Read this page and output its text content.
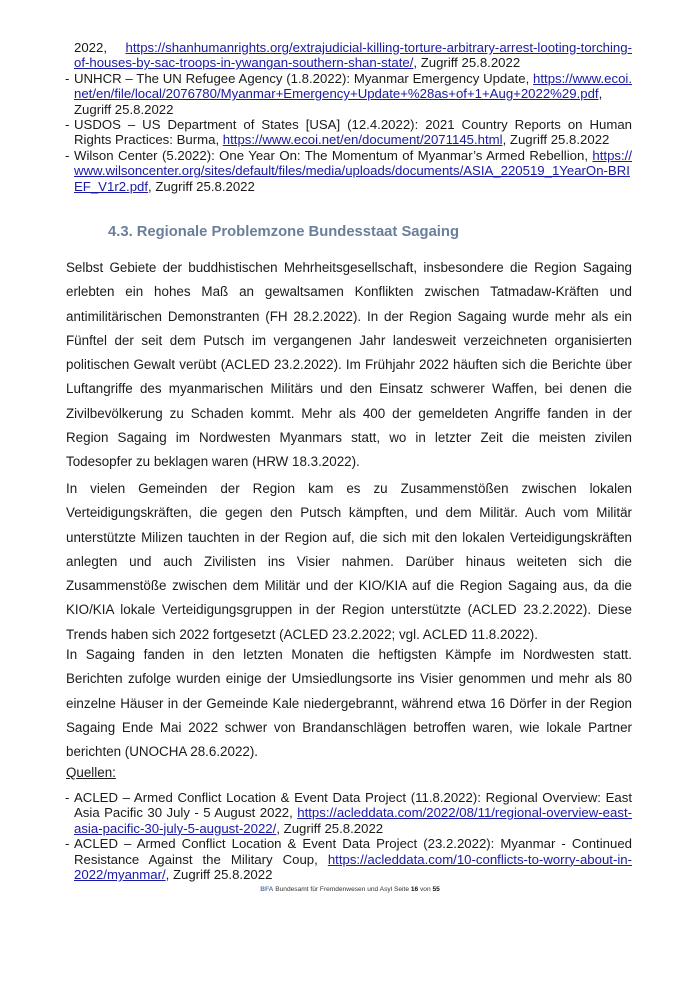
2022, https://shanhumanrights.org/extrajudicial-killing-torture-arbitrary-arrest-looting-torching-of-houses-by-sac-troops-in-ywangan-southern-shan-state/, Zugriff 25.8.2022
- UNHCR – The UN Refugee Agency (1.8.2022): Myanmar Emergency Update, https://www.ecoi.net/en/file/local/2076780/Myanmar+Emergency+Update+%28as+of+1+Aug+2022%29.pdf, Zugriff 25.8.2022
- USDOS – US Department of States [USA] (12.4.2022): 2021 Country Reports on Human Rights Practices: Burma, https://www.ecoi.net/en/document/2071145.html, Zugriff 25.8.2022
- Wilson Center (5.2022): One Year On: The Momentum of Myanmar’s Armed Rebellion, https://www.wilsoncenter.org/sites/default/files/media/uploads/documents/ASIA_220519_1YearOn-BRIEF_V1r2.pdf, Zugriff 25.8.2022
4.3. Regionale Problemzone Bundesstaat Sagaing

Selbst Gebiete der buddhistischen Mehrheitsgesellschaft, insbesondere die Region Sagaing erlebten ein hohes Maß an gewaltsamen Konflikten zwischen Tatmadaw-Kräften und antimilitärischen Demonstranten (FH 28.2.2022). In der Region Sagaing wurde mehr als ein Fünftel der seit dem Putsch im vergangenen Jahr landesweit verzeichneten organisierten politischen Gewalt verübt (ACLED 23.2.2022). Im Frühjahr 2022 häuften sich die Berichte über Luftangriffe des myanmarischen Militärs und den Einsatz schwerer Waffen, bei denen die Zivilbevölkerung zu Schaden kommt. Mehr als 400 der gemeldeten Angriffe fanden in der Region Sagaing im Nordwesten Myanmars statt, wo in letzter Zeit die meisten zivilen Todesopfer zu beklagen waren (HRW 18.3.2022).

In vielen Gemeinden der Region kam es zu Zusammenstößen zwischen lokalen Verteidigungskräften, die gegen den Putsch kämpften, und dem Militär. Auch vom Militär unterstützte Milizen tauchten in der Region auf, die sich mit den lokalen Verteidigungskräften anlegten und auch Zivilisten ins Visier nahmen. Darüber hinaus weiteten sich die Zusammenstöße zwischen dem Militär und der KIO/KIA auf die Region Sagaing aus, da die KIO/KIA lokale Verteidigungsgruppen in der Region unterstützte (ACLED 23.2.2022). Diese Trends haben sich 2022 fortgesetzt (ACLED 23.2.2022; vgl. ACLED 11.8.2022).

In Sagaing fanden in den letzten Monaten die heftigsten Kämpfe im Nordwesten statt. Berichten zufolge wurden einige der Umsiedlungsorte ins Visier genommen und mehr als 80 einzelne Häuser in der Gemeinde Kale niedergebrannt, während etwa 16 Dörfer in der Region Sagaing Ende Mai 2022 schwer von Brandanschlägen betroffen waren, wie lokale Partner berichten (UNOCHA 28.6.2022).

Quellen:
- ACLED – Armed Conflict Location & Event Data Project (11.8.2022): Regional Overview: East Asia Pacific 30 July - 5 August 2022, https://acleddata.com/2022/08/11/regional-overview-east-asia-pacific-30-july-5-august-2022/, Zugriff 25.8.2022
- ACLED – Armed Conflict Location & Event Data Project (23.2.2022): Myanmar - Continued Resistance Against the Military Coup, https://acleddata.com/10-conflicts-to-worry-about-in-2022/myanmar/, Zugriff 25.8.2022
BFA Bundesamt für Fremdenwesen und Asyl Seite 16 von 55
